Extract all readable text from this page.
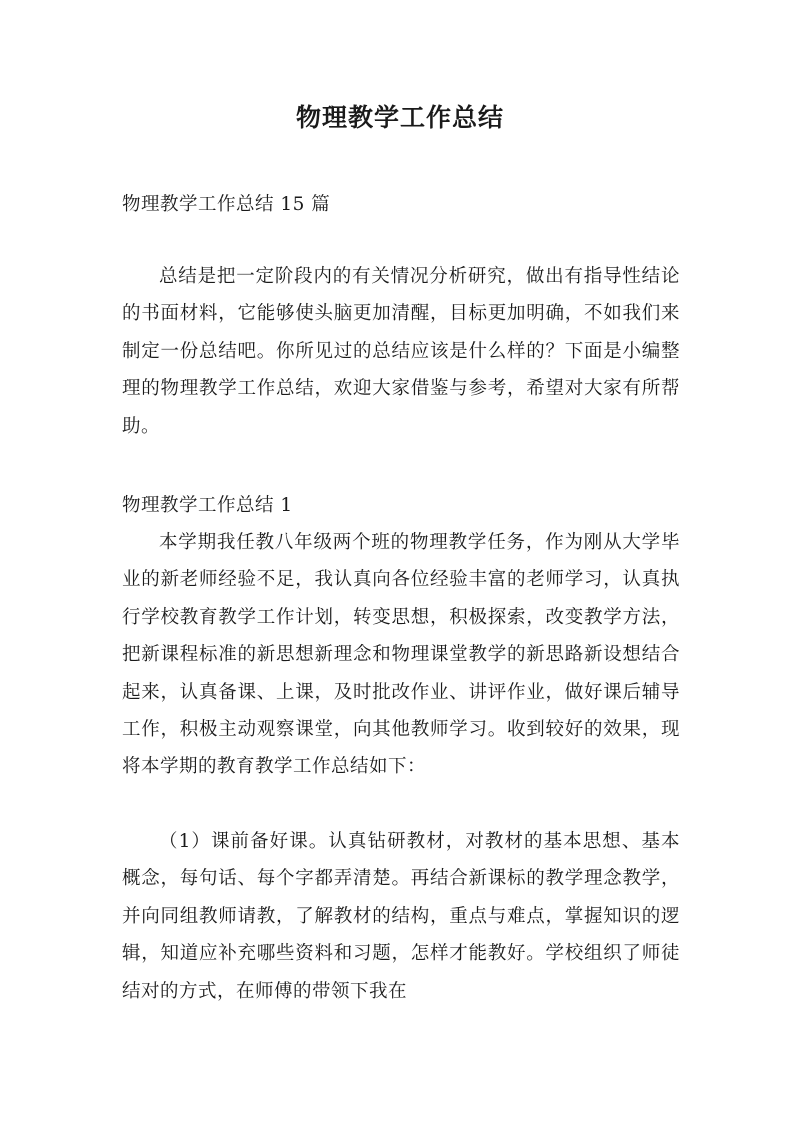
物理教学工作总结

物理教学工作总结 15 篇

总结是把一定阶段内的有关情况分析研究，做出有指导性结论的书面材料，它能够使头脑更加清醒，目标更加明确，不如我们来制定一份总结吧。你所见过的总结应该是什么样的？下面是小编整理的物理教学工作总结，欢迎大家借鉴与参考，希望对大家有所帮助。

物理教学工作总结 1

本学期我任教八年级两个班的物理教学任务，作为刚从大学毕业的新老师经验不足，我认真向各位经验丰富的老师学习，认真执行学校教育教学工作计划，转变思想，积极探索，改变教学方法，把新课程标准的新思想新理念和物理课堂教学的新思路新设想结合起来，认真备课、上课，及时批改作业、讲评作业，做好课后辅导工作，积极主动观察课堂，向其他教师学习。收到较好的效果，现将本学期的教育教学工作总结如下：

（1）课前备好课。认真钻研教材，对教材的基本思想、基本概念，每句话、每个字都弄清楚。再结合新课标的教学理念教学，并向同组教师请教，了解教材的结构，重点与难点，掌握知识的逻辑，知道应补充哪些资料和习题，怎样才能教好。学校组织了师徒结对的方式，在师傅的带领下我在
